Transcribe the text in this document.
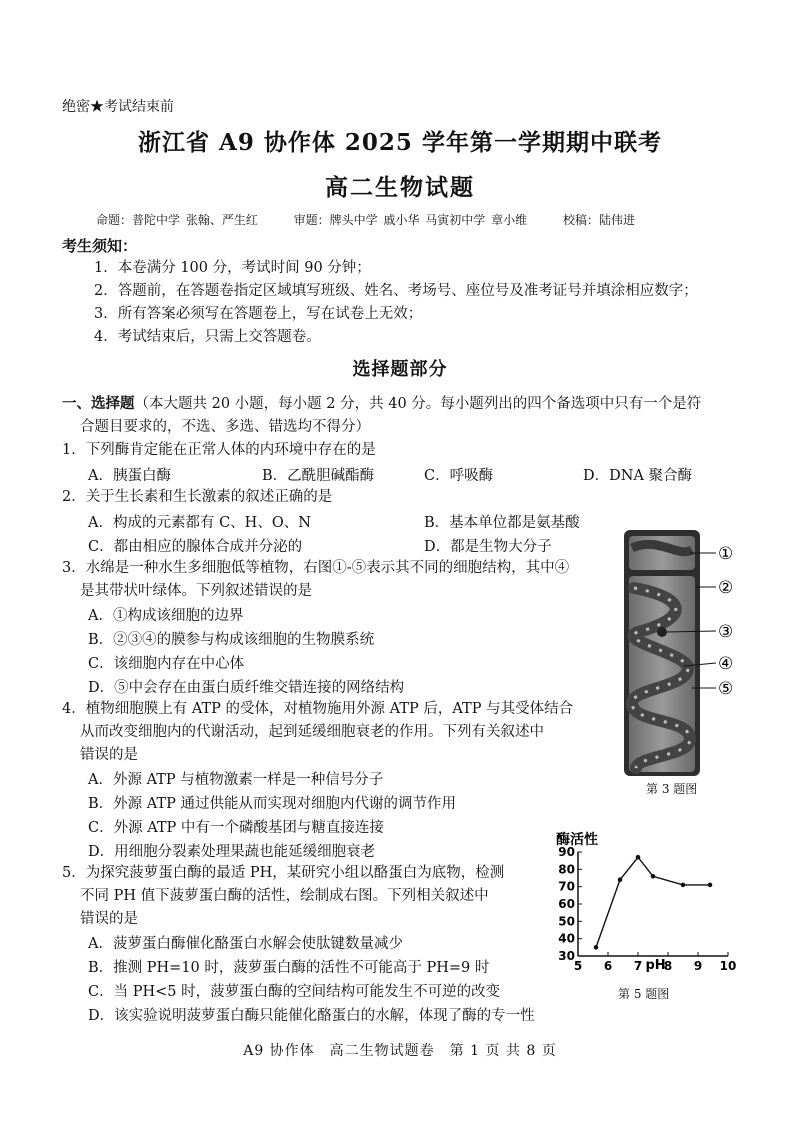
绝密★考试结束前
浙江省 A9 协作体 2025 学年第一学期期中联考
高二生物试题
命题：普陀中学 张翰、严生红	审题：牌头中学 戚小华 马寅初中学 章小维	校稿：陆伟进
考生须知：
1．本卷满分 100 分，考试时间 90 分钟；
2．答题前，在答题卷指定区域填写班级、姓名、考场号、座位号及准考证号并填涂相应数字；
3．所有答案必须写在答题卷上，写在试卷上无效；
4．考试结束后，只需上交答题卷。
选择题部分
一、选择题（本大题共 20 小题，每小题 2 分，共 40 分。每小题列出的四个备选项中只有一个是符
合题目要求的，不选、多选、错选均不得分）
1．下列酶肯定能在正常人体的内环境中存在的是
A．胰蛋白酶	B．乙酰胆碱酯酶	C．呼吸酶	D．DNA 聚合酶
2．关于生长素和生长激素的叙述正确的是
A．构成的元素都有 C、H、O、N	B．基本单位都是氨基酸
C．都由相应的腺体合成并分泌的	D．都是生物大分子
3．水绵是一种水生多细胞低等植物，右图①-⑤表示其不同的细胞结构，其中④
是其带状叶绿体。下列叙述错误的是
A．①构成该细胞的边界
B．②③④的膜参与构成该细胞的生物膜系统
C．该细胞内存在中心体
D．⑤中会存在由蛋白质纤维交错连接的网络结构
4．植物细胞膜上有 ATP 的受体，对植物施用外源 ATP 后，ATP 与其受体结合
从而改变细胞内的代谢活动，起到延缓细胞衰老的作用。下列有关叙述中
错误的是
A．外源 ATP 与植物激素一样是一种信号分子
B．外源 ATP 通过供能从而实现对细胞内代谢的调节作用
C．外源 ATP 中有一个磷酸基团与糖直接连接
D．用细胞分裂素处理果蔬也能延缓细胞衰老
5．为探究菠萝蛋白酶的最适 PH，某研究小组以酪蛋白为底物，检测
不同 PH 值下菠萝蛋白酶的活性，绘制成右图。下列相关叙述中
错误的是
A．菠萝蛋白酶催化酪蛋白水解会使肽键数量减少
B．推测 PH=10 时，菠萝蛋白酶的活性不可能高于 PH=9 时
C．当 PH<5 时，菠萝蛋白酶的空间结构可能发生不可逆的改变
D．该实验说明菠萝蛋白酶只能催化酪蛋白的水解，体现了酶的专一性
①
②
③
④
⑤
第 3 题图
酶活性
30
40
50
60
70
80
90
5 6 7 8 9 10
pH
第 5 题图
A9 协作体　高二生物试题卷　第 1 页 共 8 页
